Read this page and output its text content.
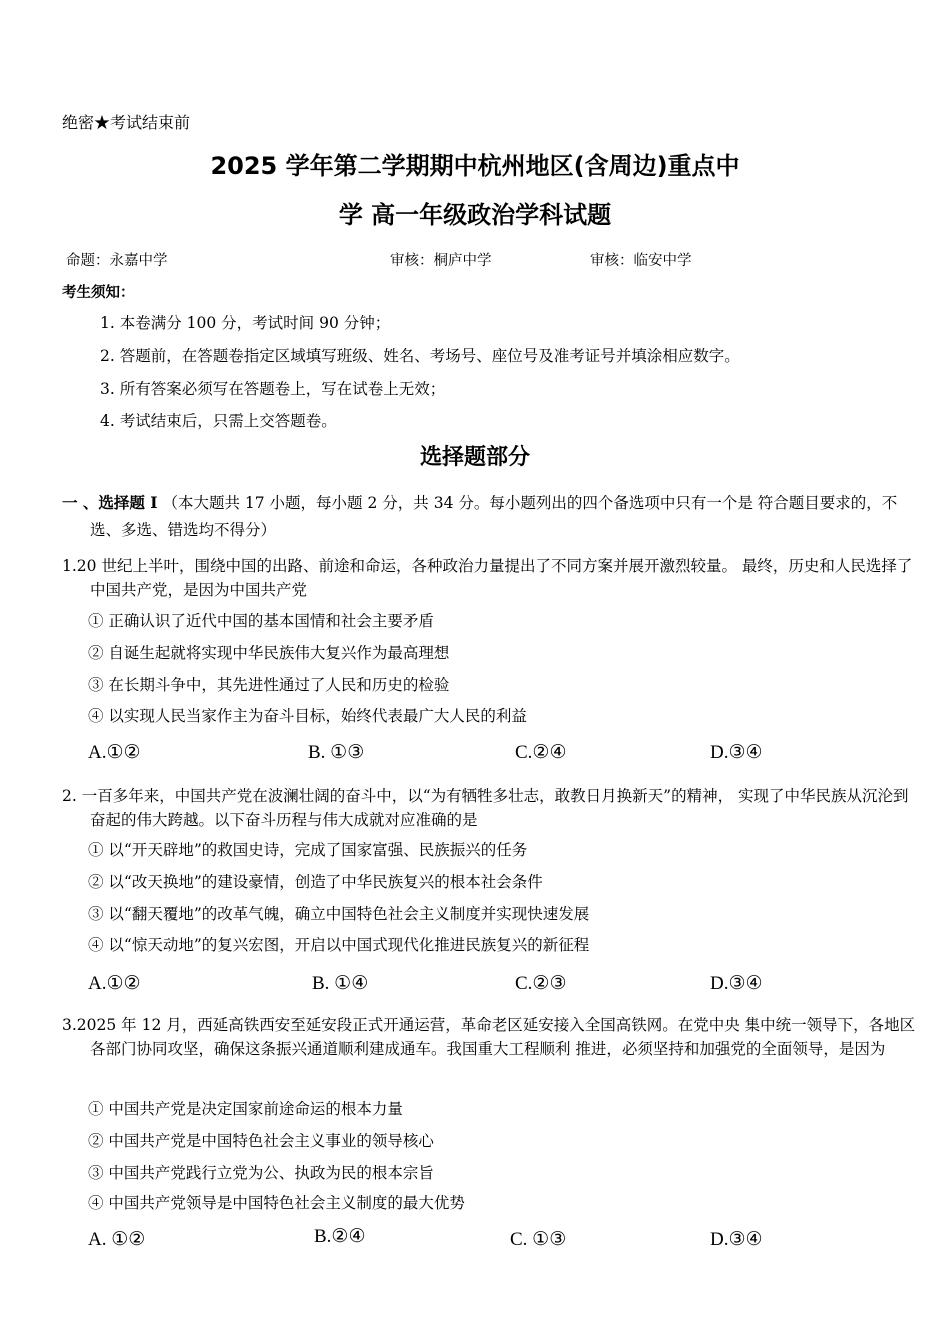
绝密★考试结束前
2025 学年第二学期期中杭州地区(含周边)重点中
学 高一年级政治学科试题
命题：永嘉中学	审核：桐庐中学	审核：临安中学
考生须知：
1. 本卷满分 100 分，考试时间 90 分钟；
2. 答题前，在答题卷指定区域填写班级、姓名、考场号、座位号及准考证号并填涂相应数字。
3. 所有答案必须写在答题卷上，写在试卷上无效；
4. 考试结束后，只需上交答题卷。
选择题部分
一 、选择题 Ⅰ （本大题共 17 小题，每小题 2 分，共 34 分。每小题列出的四个备选项中只有一个是 符合题目要求的，不选、多选、错选均不得分）
1.20 世纪上半叶，围绕中国的出路、前途和命运，各种政治力量提出了不同方案并展开激烈较量。 最终，历史和人民选择了中国共产党，是因为中国共产党
① 正确认识了近代中国的基本国情和社会主要矛盾
② 自诞生起就将实现中华民族伟大复兴作为最高理想
③ 在长期斗争中，其先进性通过了人民和历史的检验
④ 以实现人民当家作主为奋斗目标，始终代表最广大人民的利益
A.①②	B. ①③	C.②④	D.③④
2. 一百多年来，中国共产党在波澜壮阔的奋斗中，以“为有牺牲多壮志，敢教日月换新天”的精神， 实现了中华民族从沉沦到奋起的伟大跨越。以下奋斗历程与伟大成就对应准确的是
① 以“开天辟地”的救国史诗，完成了国家富强、民族振兴的任务
② 以“改天换地”的建设豪情，创造了中华民族复兴的根本社会条件
③ 以“翻天覆地”的改革气魄，确立中国特色社会主义制度并实现快速发展
④ 以“惊天动地”的复兴宏图，开启以中国式现代化推进民族复兴的新征程
A.①②	B. ①④	C.②③	D.③④
3.2025 年 12 月，西延高铁西安至延安段正式开通运营，革命老区延安接入全国高铁网。在党中央 集中统一领导下，各地区各部门协同攻坚，确保这条振兴通道顺利建成通车。我国重大工程顺利 推进，必须坚持和加强党的全面领导，是因为
① 中国共产党是决定国家前途命运的根本力量
② 中国共产党是中国特色社会主义事业的领导核心
③ 中国共产党践行立党为公、执政为民的根本宗旨
④ 中国共产党领导是中国特色社会主义制度的最大优势
A. ①②	B.②④	C. ①③	D.③④
